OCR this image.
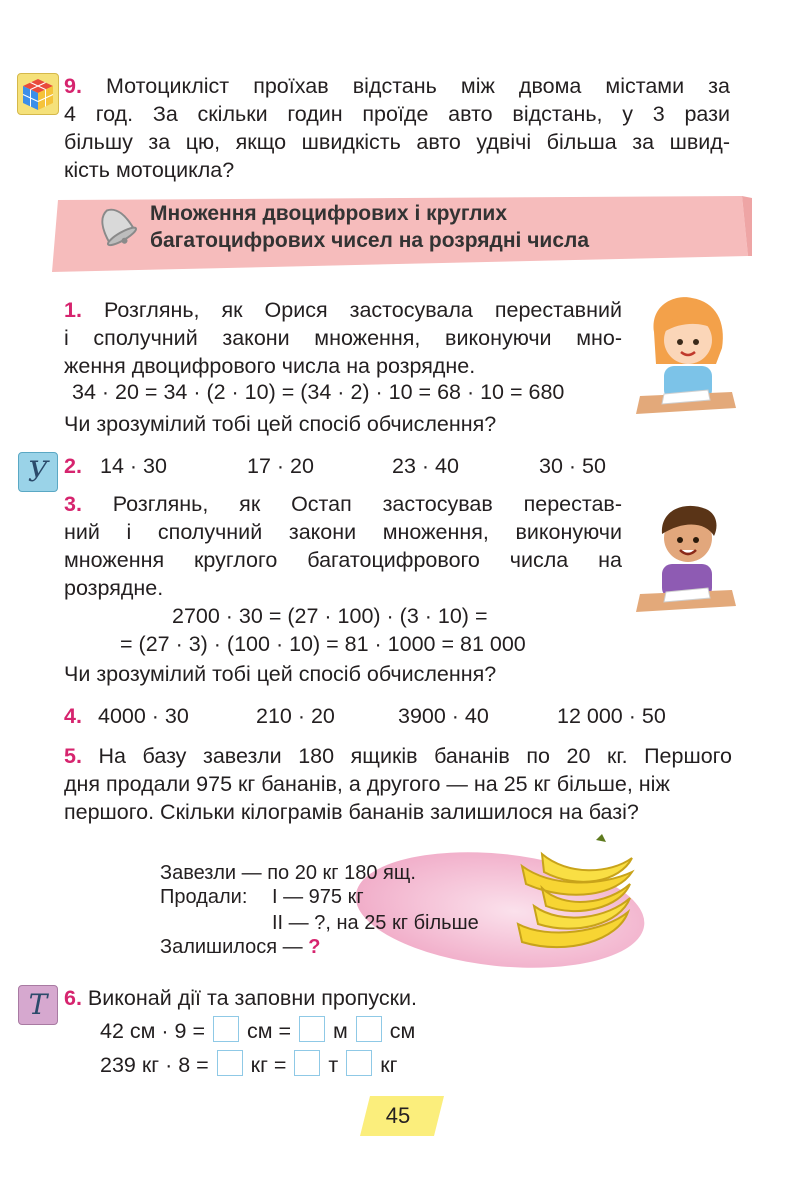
9. Мотоциклiст проїхав вiдстань мiж двома мiстами за
4 год. За скiльки годин проїде авто вiдстань, у 3 рази
бiльшу за цю, якщо швидкiсть авто удвiчi бiльша за швид-
кiсть мотоцикла?
Множення двоцифрових i круглих
багатоцифрових чисел на розряднi числа
1. Розглянь, як Орися застосувала переставний
i сполучний закони множення, виконуючи мно-
ження двоцифрового числа на розрядне.
34 · 20 = 34 · (2 · 10) = (34 · 2) · 10 = 68 · 10 = 680
Чи зрозумiлий тобi цей спосiб обчислення?
У 2. 14 · 30	17 · 20	23 · 40	30 · 50
3. Розглянь, як Остап застосував перестав-
ний i сполучний закони множення, виконуючи
множення круглого багатоцифрового числа на
розрядне.
2700 · 30 = (27 · 100) · (3 · 10) =
= (27 · 3) · (100 · 10) = 81 · 1000 = 81 000
Чи зрозумiлий тобi цей спосiб обчислення?
4. 4000 · 30	210 · 20	3900 · 40	12 000 · 50
5. На базу завезли 180 ящикiв бананiв по 20 кг. Першого
дня продали 975 кг бананiв, а другого — на 25 кг бiльше, нiж
першого. Скiльки кiлограмiв бананiв залишилося на базi?
Завезли — по 20 кг 180 ящ.
Продали: I — 975 кг
II — ?, на 25 кг бiльше
Залишилося — ?
Т 6. Виконай дiї та заповни пропуски.
42 см · 9 = см = м см
239 кг · 8 = кг = т кг
45
